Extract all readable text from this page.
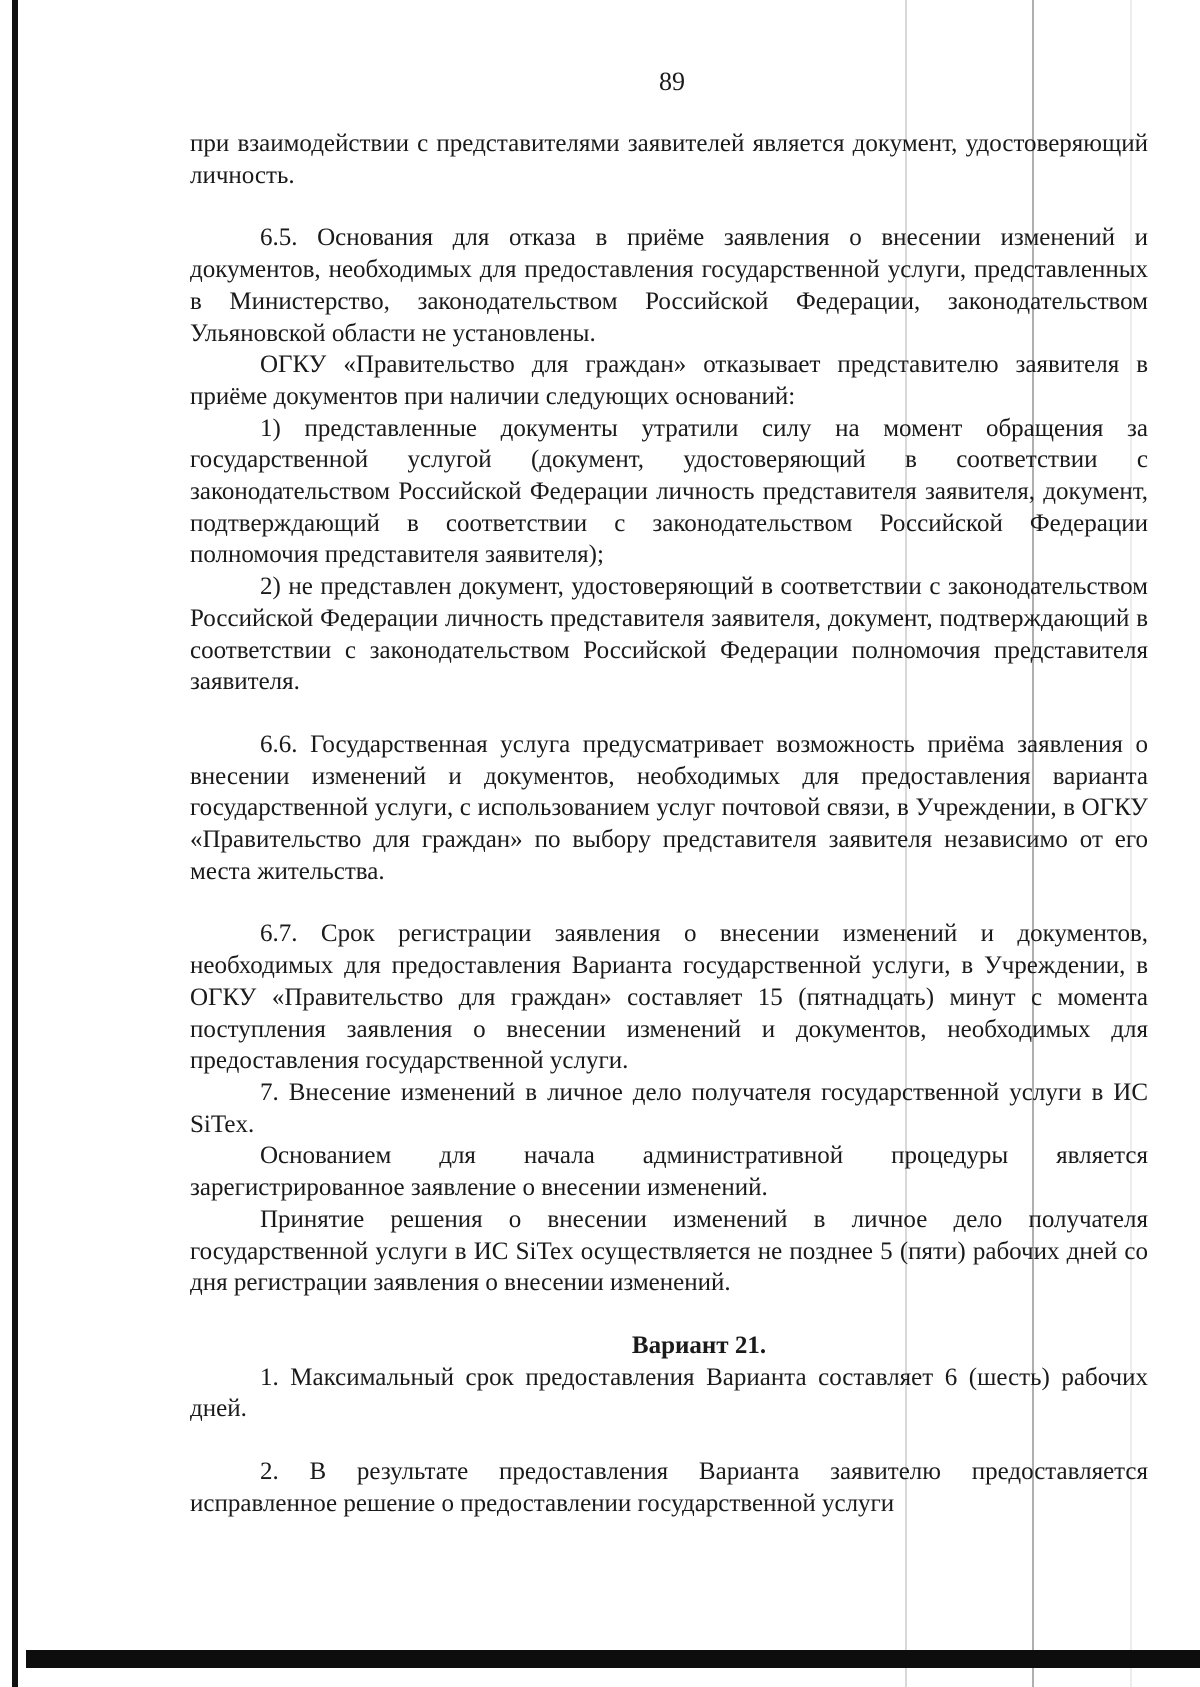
89

при взаимодействии с представителями заявителей является документ, удостоверяющий личность.

6.5. Основания для отказа в приёме заявления о внесении изменений и документов, необходимых для предоставления государственной услуги, представленных в Министерство, законодательством Российской Федерации, законодательством Ульяновской области не установлены.

ОГКУ «Правительство для граждан» отказывает представителю заявителя в приёме документов при наличии следующих оснований:

1) представленные документы утратили силу на момент обращения за государственной услугой (документ, удостоверяющий в соответствии с законодательством Российской Федерации личность представителя заявителя, документ, подтверждающий в соответствии с законодательством Российской Федерации полномочия представителя заявителя);

2) не представлен документ, удостоверяющий в соответствии с законодательством Российской Федерации личность представителя заявителя, документ, подтверждающий в соответствии с законодательством Российской Федерации полномочия представителя заявителя.

6.6. Государственная услуга предусматривает возможность приёма заявления о внесении изменений и документов, необходимых для предоставления варианта государственной услуги, с использованием услуг почтовой связи, в Учреждении, в ОГКУ «Правительство для граждан» по выбору представителя заявителя независимо от его места жительства.

6.7. Срок регистрации заявления о внесении изменений и документов, необходимых для предоставления Варианта государственной услуги, в Учреждении, в ОГКУ «Правительство для граждан» составляет 15 (пятнадцать) минут с момента поступления заявления о внесении изменений и документов, необходимых для предоставления государственной услуги.

7. Внесение изменений в личное дело получателя государственной услуги в ИС SiTex.

Основанием для начала административной процедуры является зарегистрированное заявление о внесении изменений.

Принятие решения о внесении изменений в личное дело получателя государственной услуги в ИС SiTex осуществляется не позднее 5 (пяти) рабочих дней со дня регистрации заявления о внесении изменений.

Вариант 21.

1. Максимальный срок предоставления Варианта составляет 6 (шесть) рабочих дней.

2. В результате предоставления Варианта заявителю предоставляется исправленное решение о предоставлении государственной услуги
